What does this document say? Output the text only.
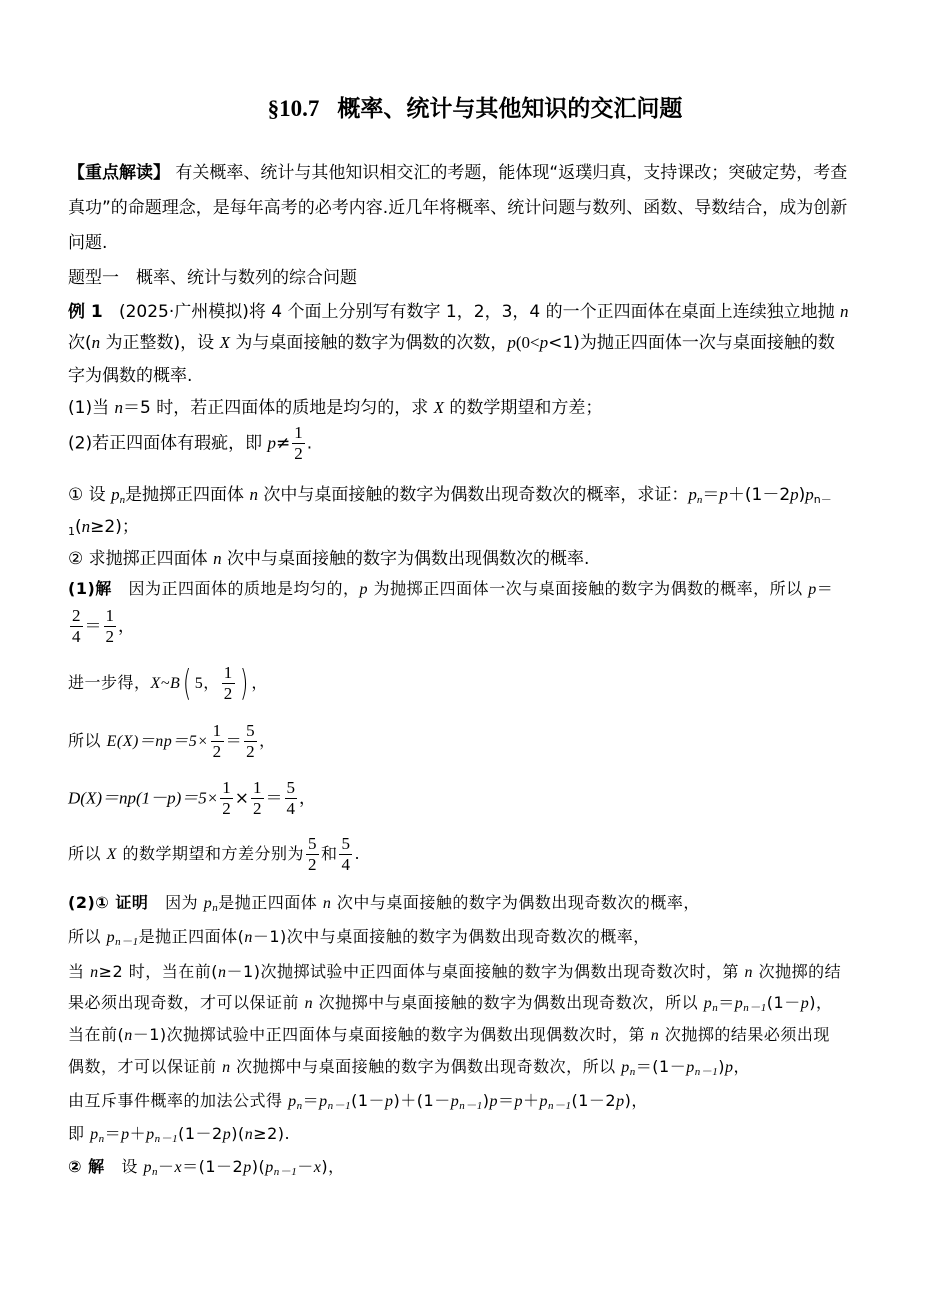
§10.7 概率、统计与其他知识的交汇问题
【重点解读】 有关概率、统计与其他知识相交汇的考题，能体现“返璞归真，支持课改；突破定势，考查
真功”的命题理念，是每年高考的必考内容.近几年将概率、统计问题与数列、函数、导数结合，成为创新
问题.
题型一　概率、统计与数列的综合问题
例 1 (2025·广州模拟)将 4 个面上分别写有数字 1，2，3，4 的一个正四面体在桌面上连续独立地抛 n
次(n 为正整数)，设 X 为与桌面接触的数字为偶数的次数，p(0<p<1)为抛正四面体一次与桌面接触的数
字为偶数的概率.
(1)当 n＝5 时，若正四面体的质地是均匀的，求 X 的数学期望和方差；
(2)若正四面体有瑕疵，即 $p\ne \frac{1}{2}$ .
① 设 $p_n$是抛掷正四面体 n 次中与桌面接触的数字为偶数出现奇数次的概率，求证：$p_n=p+(1-2p)p_{n-}$
$_1$(n≥2)；
② 求抛掷正四面体 n 次中与桌面接触的数字为偶数出现偶数次的概率.
(1)解 因为正四面体的质地是均匀的，p 为抛掷正四面体一次与桌面接触的数字为偶数的概率，所以 p＝
$\frac{2}{4} = \frac{1}{2}$ ，
进一步得，X~B( 5， $\frac{1}{2}$ ) ，
所以 $E(X)=np=5\times \frac{1}{2} = \frac{5}{2}$ ，
$D(X)=np(1-p)=5\times \frac{1}{2} \times \frac{1}{2} = \frac{5}{4}$ ，
所以 X 的数学期望和方差分别为 $\frac{5}{2}$ 和 $\frac{5}{4}$ .
(2)① 证明 因为 $p_n$是抛正四面体 n 次中与桌面接触的数字为偶数出现奇数次的概率，
所以 $p_{n-1}$是抛正四面体(n－1)次中与桌面接触的数字为偶数出现奇数次的概率，
当 n≥2 时，当在前(n－1)次抛掷试验中正四面体与桌面接触的数字为偶数出现奇数次时，第 n 次抛掷的结
果必须出现奇数，才可以保证前 n 次抛掷中与桌面接触的数字为偶数出现奇数次，所以 $p_n=p_{n-1}(1-p)$，
当在前(n－1)次抛掷试验中正四面体与桌面接触的数字为偶数出现偶数次时，第 n 次抛掷的结果必须出现
偶数，才可以保证前 n 次抛掷中与桌面接触的数字为偶数出现奇数次，所以 $p_n=(1-p_{n-1})p$，
由互斥事件概率的加法公式得 $p_n=p_{n-1}(1-p)+(1-p_{n-1})p=p+p_{n-1}(1-2p)$，
即 $p_n=p+p_{n-1}(1-2p)(n\ge 2)$.
② 解 设 $p_n-x=(1-2p)(p_{n-1}-x)$，
